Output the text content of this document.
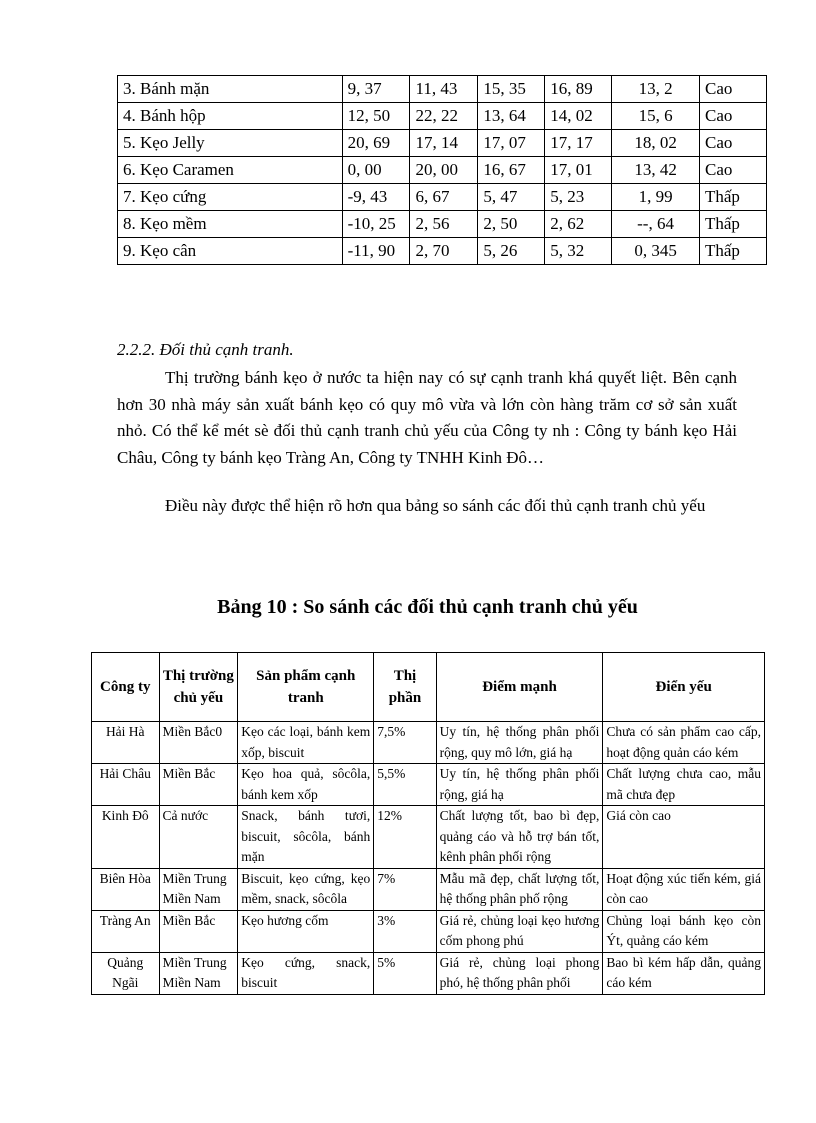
3. Bánh mặn	9, 37	11, 43	15, 35	16, 89	13, 2	Cao
4. Bánh hộp	12, 50	22, 22	13, 64	14, 02	15, 6	Cao
5. Kẹo Jelly	20, 69	17, 14	17, 07	17, 17	18, 02	Cao
6. Kẹo Caramen	0, 00	20, 00	16, 67	17, 01	13, 42	Cao
7. Kẹo cứng	-9, 43	6, 67	5, 47	5, 23	1, 99	Thấp
8. Kẹo mềm	-10, 25	2, 56	2, 50	2, 62	--, 64	Thấp
9. Kẹo cân	-11, 90	2, 70	5, 26	5, 32	0, 345	Thấp
2.2.2. Đối thủ cạnh tranh.

Thị trường bánh kẹo ở nước ta hiện nay có sự cạnh tranh khá quyết liệt. Bên cạnh hơn 30 nhà máy sản xuất bánh kẹo có quy mô vừa và lớn còn hàng trăm cơ sở sản xuất nhỏ. Có thể kể mét sè đối thủ cạnh tranh chủ yếu của Công ty nh : Công ty bánh kẹo Hải Châu, Công ty bánh kẹo Tràng An, Công ty TNHH Kinh Đô…

Điều này được thể hiện rõ hơn qua bảng so sánh các đối thủ cạnh tranh chủ yếu

Bảng 10 : So sánh các đối thủ cạnh tranh chủ yếu
Công ty	Thị trường chủ yếu	Sản phẩm cạnh tranh	Thị phần	Điểm mạnh	Điển yếu
Hải Hà	Miền Bắc0	Kẹo các loại, bánh kem xốp, biscuit	7,5%	Uy tín, hệ thống phân phối rộng, quy mô lớn, giá hạ	Chưa có sản phẩm cao cấp, hoạt động quản cáo kém
Hải Châu	Miền Bắc	Kẹo hoa quả, sôcôla, bánh kem xốp	5,5%	Uy tín, hệ thống phân phối rộng, giá hạ	Chất lượng chưa cao, mẫu mã chưa đẹp
Kinh Đô	Cả nước	Snack, bánh tươi, biscuit, sôcôla, bánh mặn	12%	Chất lượng tốt, bao bì đẹp, quảng cáo và hỗ trợ bán tốt, kênh phân phối rộng	Giá còn cao
Biên Hòa	Miền Trung Miền Nam	Biscuit, kẹo cứng, kẹo mềm, snack, sôcôla	7%	Mẫu mã đẹp, chất lượng tốt, hệ thống phân phố rộng	Hoạt động xúc tiến kém, giá còn cao
Tràng An	Miền Bắc	Kẹo hương cốm	3%	Giá rẻ, chủng loại kẹo hương cốm phong phú	Chủng loại bánh kẹo còn Ýt, quảng cáo kém
Quảng Ngãi	Miền Trung Miền Nam	Kẹo cứng, snack, biscuit	5%	Giá rẻ, chủng loại phong phó, hệ thống phân phối	Bao bì kém hấp dẫn, quảng cáo kém
